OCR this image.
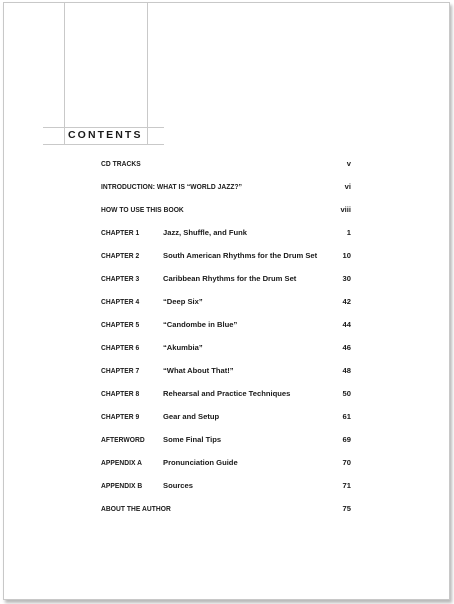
CONTENTS
CD TRACKS	v
INTRODUCTION: WHAT IS “WORLD JAZZ?”	vi
HOW TO USE THIS BOOK	viii
CHAPTER 1	Jazz, Shuffle, and Funk	1
CHAPTER 2	South American Rhythms for the Drum Set	10
CHAPTER 3	Caribbean Rhythms for the Drum Set	30
CHAPTER 4	“Deep Six”	42
CHAPTER 5	“Candombe in Blue”	44
CHAPTER 6	“Akumbia”	46
CHAPTER 7	“What About That!”	48
CHAPTER 8	Rehearsal and Practice Techniques	50
CHAPTER 9	Gear and Setup	61
AFTERWORD Some Final Tips	69
APPENDIX A	Pronunciation Guide	70
APPENDIX B	Sources	71
ABOUT THE AUTHOR	75
